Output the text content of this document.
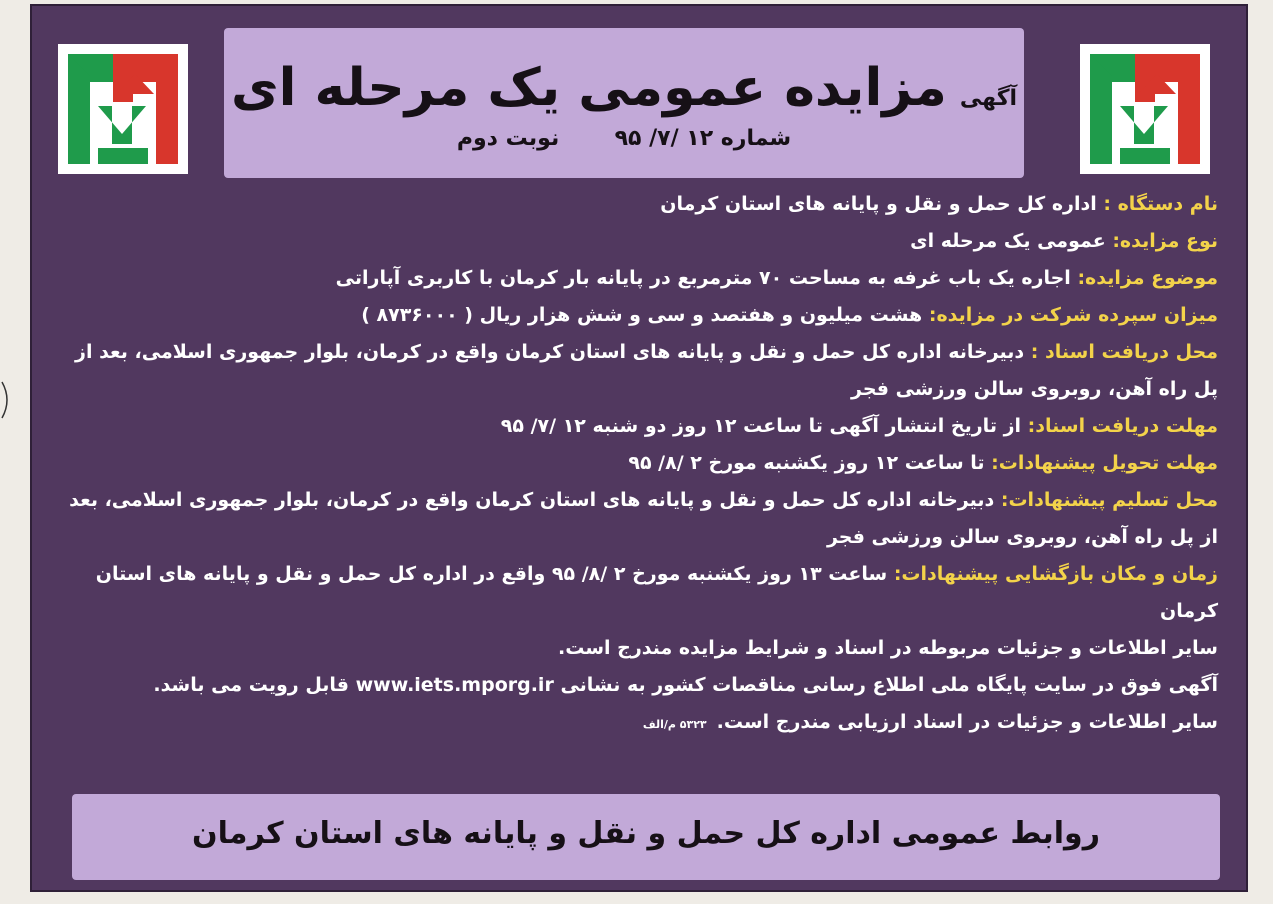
آگهی مزایده عمومی یک مرحله ای
شماره ۱۲ /۷/ ۹۵  نوبت دوم
نام دستگاه : اداره کل حمل و نقل و پایانه های استان کرمان
نوع مزایده: عمومی یک مرحله ای
موضوع مزایده: اجاره یک باب غرفه به مساحت ۷۰ مترمربع در پایانه بار کرمان با کاربری آپاراتی
میزان سپرده شرکت در مزایده: هشت میلیون و هفتصد و سی و شش هزار ریال ( ۸۷۳۶۰۰۰ )
محل دریافت اسناد : دبیرخانه اداره کل حمل و نقل و پایانه های استان کرمان واقع در کرمان، بلوار جمهوری اسلامی، بعد از پل راه آهن، روبروی سالن ورزشی فجر
مهلت دریافت اسناد: از تاریخ انتشار آگهی تا ساعت ۱۲ روز دو شنبه ۱۲ /۷/ ۹۵
مهلت تحویل پیشنهادات: تا ساعت ۱۲ روز یکشنبه مورخ ۲ /۸/ ۹۵
محل تسلیم پیشنهادات: دبیرخانه اداره کل حمل و نقل و پایانه های استان کرمان واقع در کرمان، بلوار جمهوری اسلامی، بعد از پل راه آهن، روبروی سالن ورزشی فجر
زمان و مکان بازگشایی پیشنهادات: ساعت ۱۳ روز یکشنبه مورخ ۲ /۸/ ۹۵ واقع در اداره کل حمل و نقل و پایانه های استان کرمان
سایر اطلاعات و جزئیات مربوطه در اسناد و شرایط مزایده مندرج است.
آگهی فوق در سایت پایگاه ملی اطلاع رسانی مناقصات کشور به نشانی www.iets.mporg.ir قابل رویت می باشد.
سایر اطلاعات و جزئیات در اسناد ارزیابی مندرج است.۵۳۲۳ م/الف
روابط عمومی اداره کل حمل و نقل و پایانه های استان کرمان
